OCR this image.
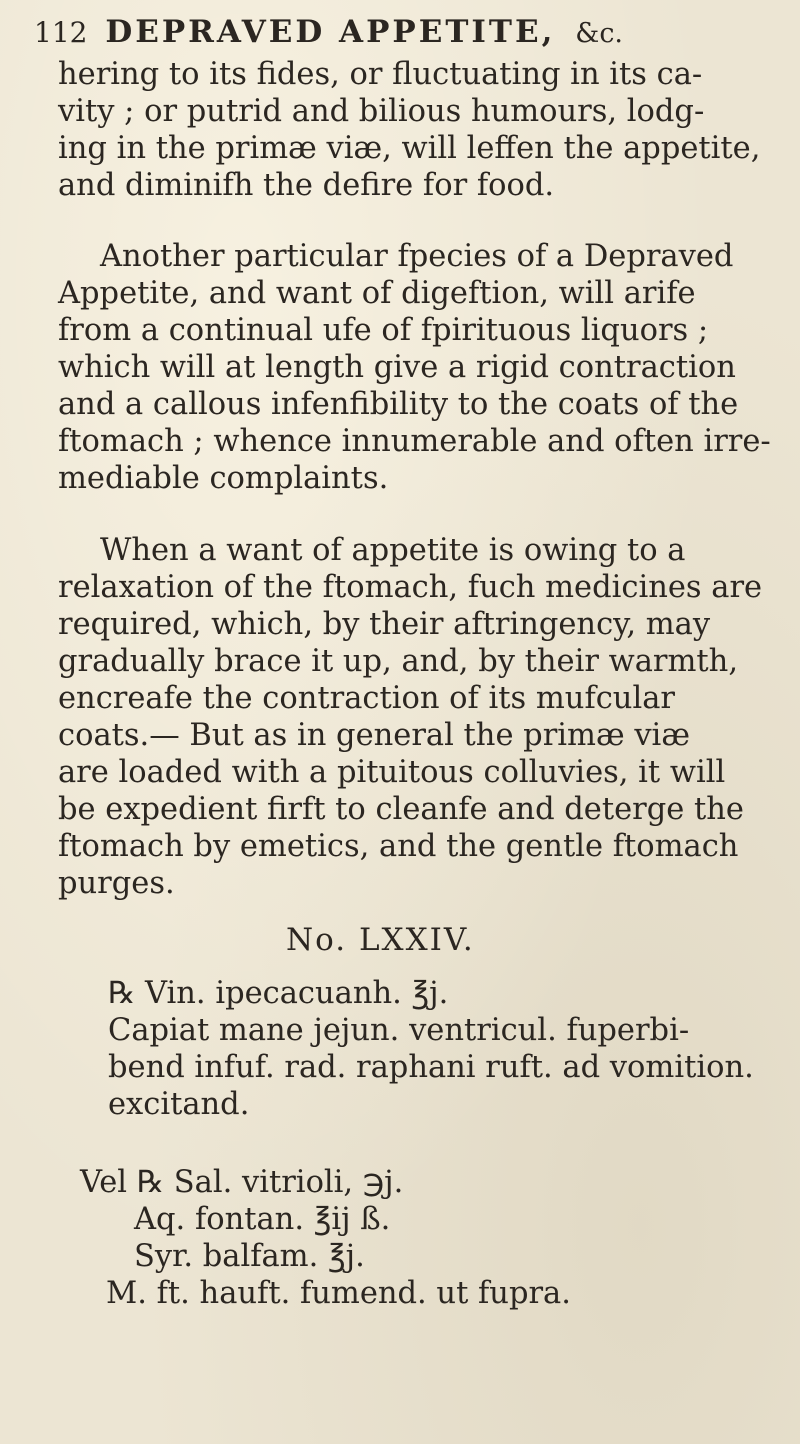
112 DEPRAVED APPETITE, &c.
hering to its fides, or fluctuating in its ca-
vity ; or putrid and bilious humours, lodg-
ing in the primæ viæ, will leffen the appetite,
and diminifh the defire for food.
Another particular fpecies of a Depraved
Appetite, and want of digeftion, will arife
from a continual ufe of fpirituous liquors ;
which will at length give a rigid contraction
and a callous infenfibility to the coats of the
ftomach ; whence innumerable and often irre-
mediable complaints.
When a want of appetite is owing to a
relaxation of the ftomach, fuch medicines are
required, which, by their aftringency, may
gradually brace it up, and, by their warmth,
encreafe the contraction of its mufcular
coats.— But as in general the primæ viæ
are loaded with a pituitous colluvies, it will
be expedient firft to cleanfe and deterge the
ftomach by emetics, and the gentle ftomach
purges.
No. LXXIV.
℞ Vin. ipecacuanh. ℥j.
Capiat mane jejun. ventricul. fuperbi-
bend infuf. rad. raphani ruft. ad vomition.
excitand.
Vel ℞ Sal. vitrioli, ℈j.
Aq. fontan. ℥ij ß.
Syr. balfam. ℥j.
M. ft. hauft. fumend. ut fupra.
